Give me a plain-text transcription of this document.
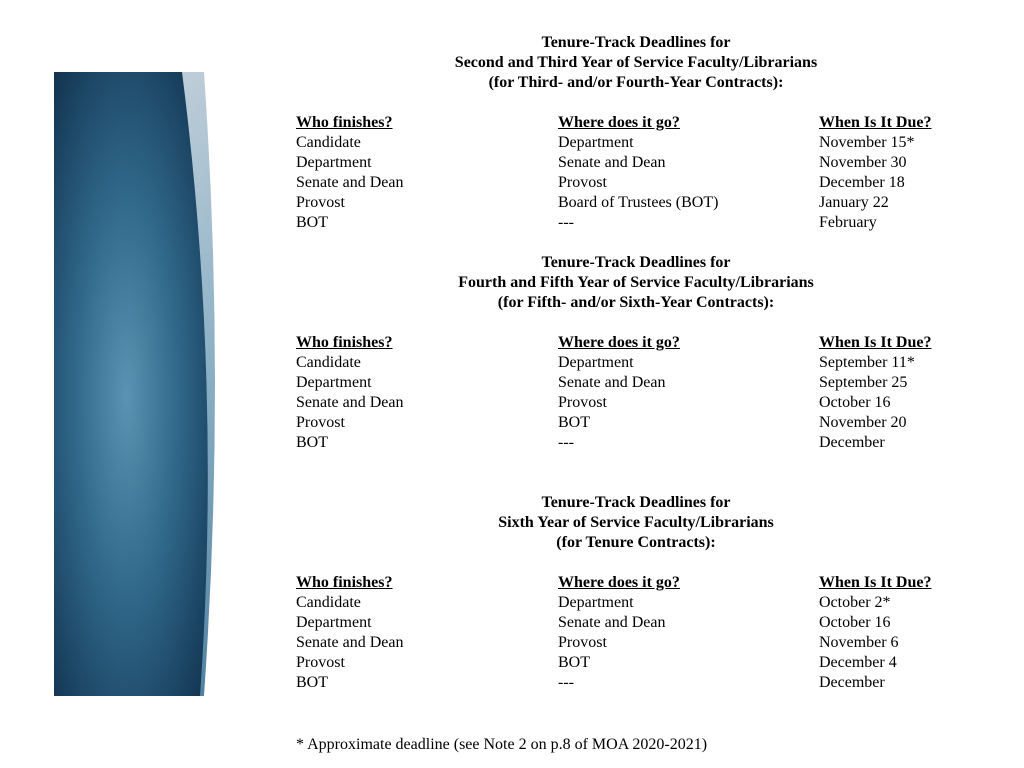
Tenure-Track Deadlines for
Second and Third Year of Service Faculty/Librarians
(for Third- and/or Fourth-Year Contracts):
Who finishes?	Where does it go?	When Is It Due?
Candidate	Department	November 15*
Department	Senate and Dean	November 30
Senate and Dean	Provost	December 18
Provost	Board of Trustees (BOT)	January 22
BOT	---	February
Tenure-Track Deadlines for
Fourth and Fifth Year of Service Faculty/Librarians
(for Fifth- and/or Sixth-Year Contracts):
Who finishes?	Where does it go?	When Is It Due?
Candidate	Department	September 11*
Department	Senate and Dean	September 25
Senate and Dean	Provost	October 16
Provost	BOT	November 20
BOT	---	December
Tenure-Track Deadlines for
Sixth Year of Service Faculty/Librarians
(for Tenure Contracts):
Who finishes?	Where does it go?	When Is It Due?
Candidate	Department	October 2*
Department	Senate and Dean	October 16
Senate and Dean	Provost	November 6
Provost	BOT	December 4
BOT	---	December
* Approximate deadline (see Note 2 on p.8 of MOA 2020-2021)
